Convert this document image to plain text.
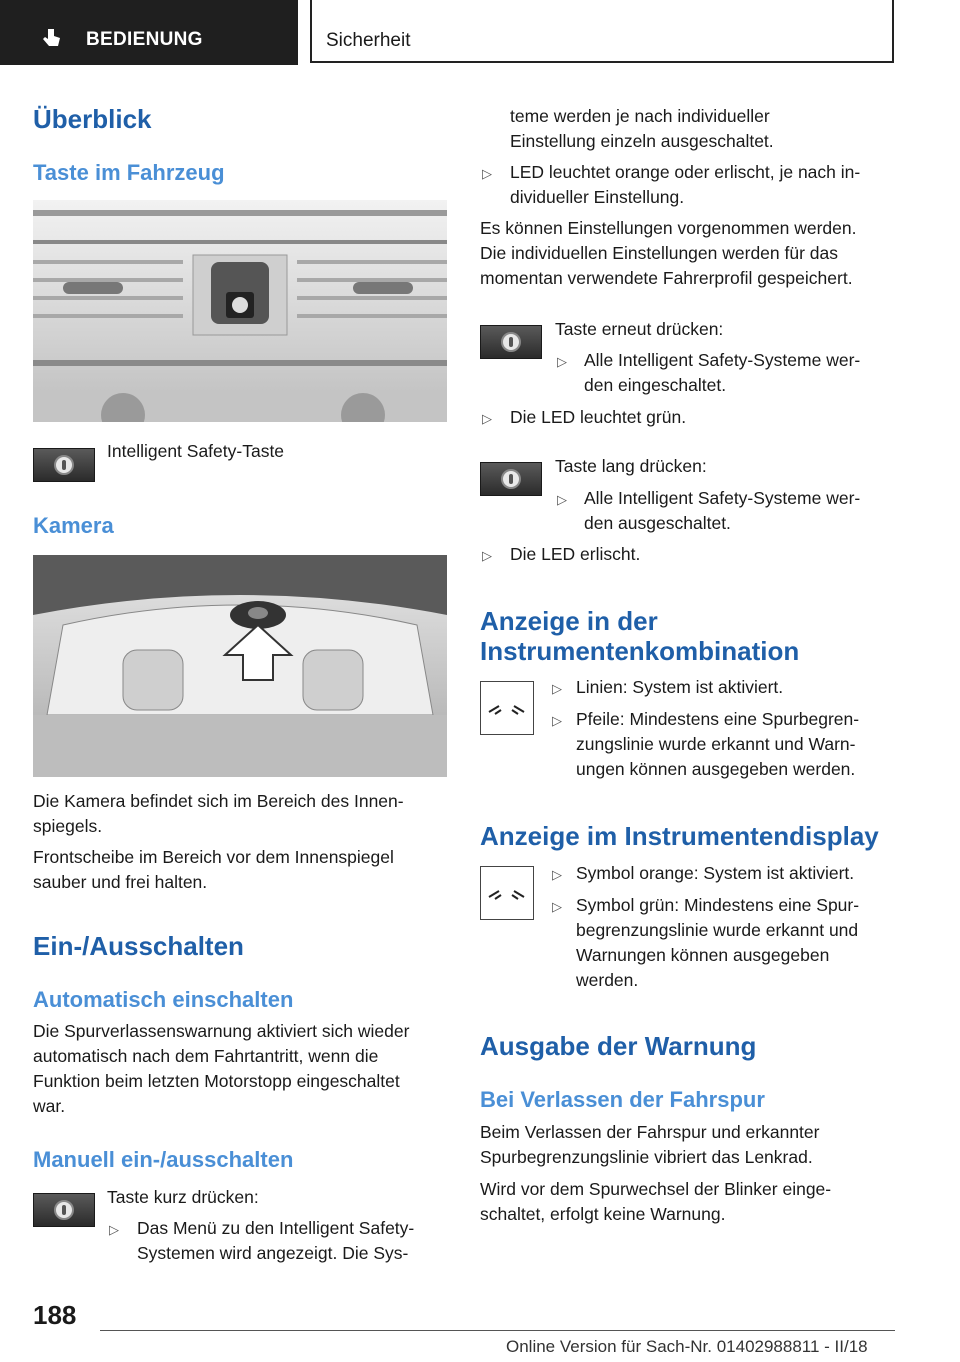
BEDIENUNG	Sicherheit
Überblick
Taste im Fahrzeug

Intelligent Safety-Taste

Kamera

Die Kamera befindet sich im Bereich des Innen-

spiegels.

Frontscheibe im Bereich vor dem Innenspiegel

sauber und frei halten.

Ein-/Ausschalten
Automatisch einschalten

Die Spurverlassenswarnung aktiviert sich wieder

automatisch nach dem Fahrtantritt, wenn die

Funktion beim letzten Motorstopp eingeschaltet

war.

Manuell ein-/ausschalten

Taste kurz drücken:

▷ Das Menü zu den Intelligent Safety-

Systemen wird angezeigt. Die Sys-

teme werden je nach individueller

Einstellung einzeln ausgeschaltet.

▷ LED leuchtet orange oder erlischt, je nach in-

dividueller Einstellung.

Es können Einstellungen vorgenommen werden.

Die individuellen Einstellungen werden für das

momentan verwendete Fahrerprofil gespeichert.

Taste erneut drücken:

▷ Alle Intelligent Safety-Systeme wer-

den eingeschaltet.

▷ Die LED leuchtet grün.

Taste lang drücken:

▷ Alle Intelligent Safety-Systeme wer-

den ausgeschaltet.

▷ Die LED erlischt.

Anzeige in der
Instrumentenkombination
▷ Linien: System ist aktiviert.

▷ Pfeile: Mindestens eine Spurbegren-

zungslinie wurde erkannt und Warn-

ungen können ausgegeben werden.

Anzeige im Instrumentendisplay
▷ Symbol orange: System ist aktiviert.

▷ Symbol grün: Mindestens eine Spur-

begrenzungslinie wurde erkannt und

Warnungen können ausgegeben

werden.

Ausgabe der Warnung
Bei Verlassen der Fahrspur

Beim Verlassen der Fahrspur und erkannter

Spurbegrenzungslinie vibriert das Lenkrad.

Wird vor dem Spurwechsel der Blinker einge-

schaltet, erfolgt keine Warnung.

188
Online Version für Sach-Nr. 01402988811 - II/18
